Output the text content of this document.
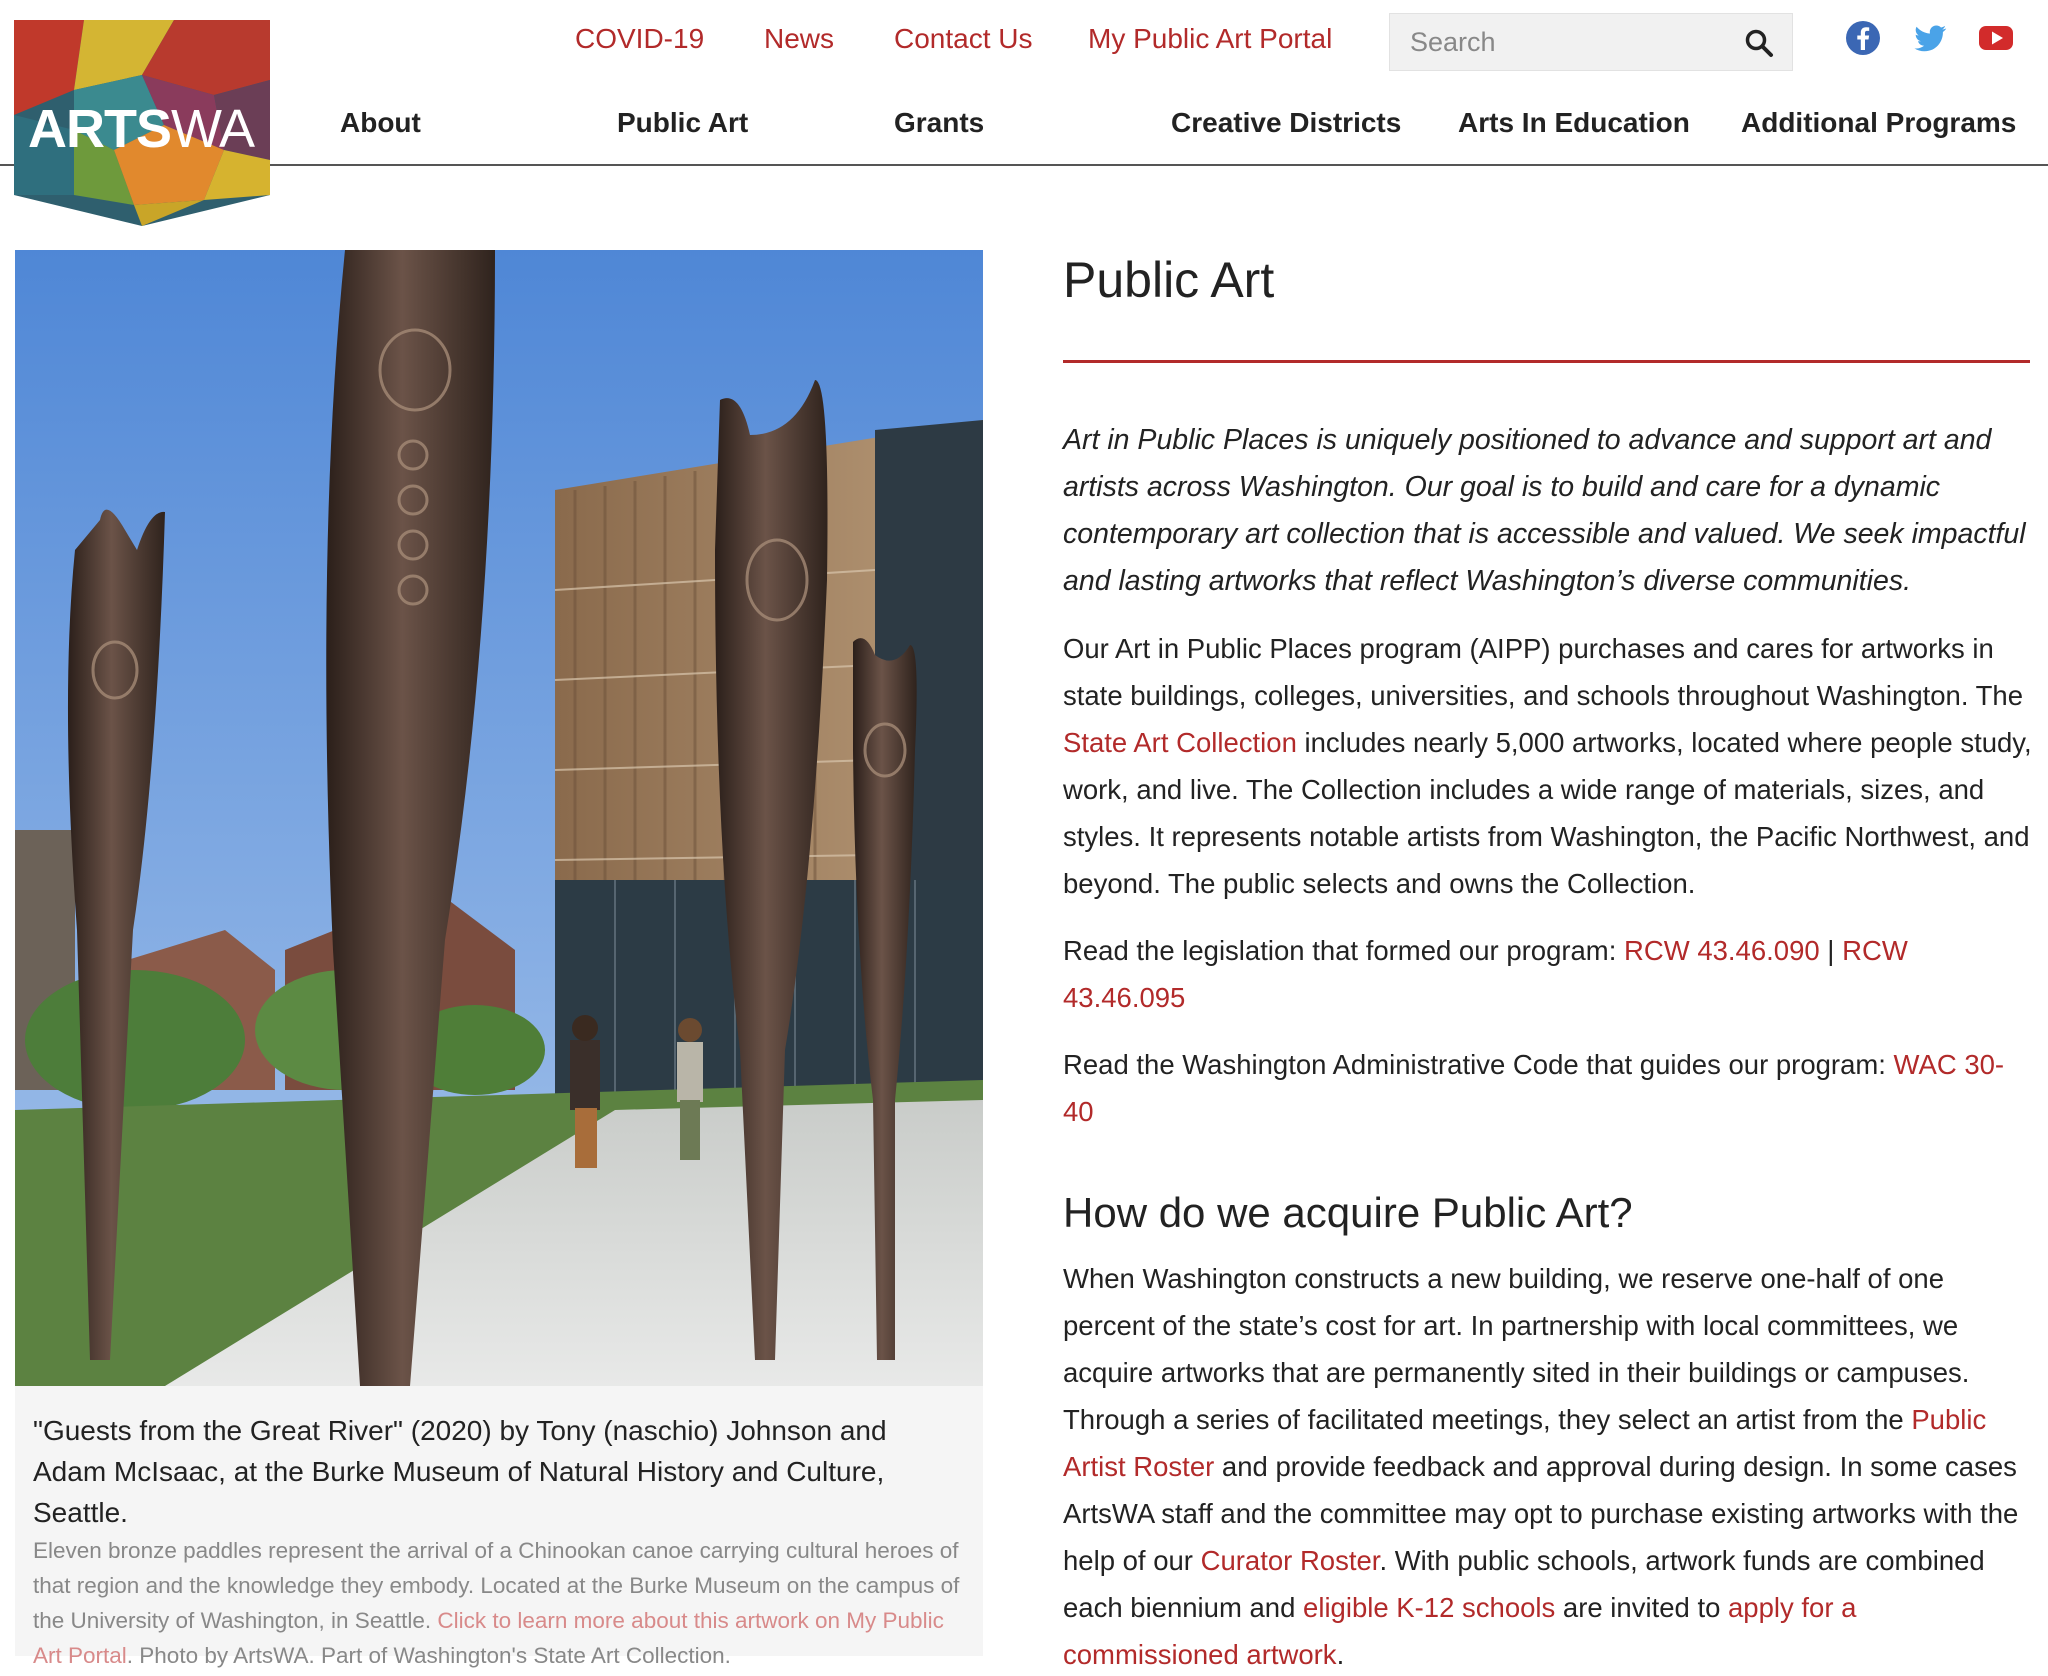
ARTSWA
COVID-19 News Contact Us My Public Art Portal
Search
About	Public Art	Grants	Creative Districts Arts In Education Additional Programs

"Guests from the Great River" (2020) by Tony (naschio) Johnson and Adam McIsaac, at the Burke Museum of Natural History and Culture, Seattle.

Eleven bronze paddles represent the arrival of a Chinookan canoe carrying cultural heroes of that region and the knowledge they embody. Located at the Burke Museum on the campus of the University of Washington, in Seattle. Click to learn more about this artwork on My Public Art Portal. Photo by ArtsWA. Part of Washington's State Art Collection.

Public Art

Art in Public Places is uniquely positioned to advance and support art and artists across Washington. Our goal is to build and care for a dynamic contemporary art collection that is accessible and valued. We seek impactful and lasting artworks that reflect Washington’s diverse communities.

Our Art in Public Places program (AIPP) purchases and cares for artworks in state buildings, colleges, universities, and schools throughout Washington. The State Art Collection includes nearly 5,000 artworks, located where people study, work, and live. The Collection includes a wide range of materials, sizes, and styles. It represents notable artists from Washington, the Pacific Northwest, and beyond. The public selects and owns the Collection.

Read the legislation that formed our program: RCW 43.46.090 | RCW 43.46.095

Read the Washington Administrative Code that guides our program: WAC 30-40

How do we acquire Public Art?

When Washington constructs a new building, we reserve one-half of one percent of the state’s cost for art. In partnership with local committees, we acquire artworks that are permanently sited in their buildings or campuses. Through a series of facilitated meetings, they select an artist from the Public Artist Roster and provide feedback and approval during design. In some cases ArtsWA staff and the committee may opt to purchase existing artworks with the help of our Curator Roster. With public schools, artwork funds are combined each biennium and eligible K-12 schools are invited to apply for a commissioned artwork.
